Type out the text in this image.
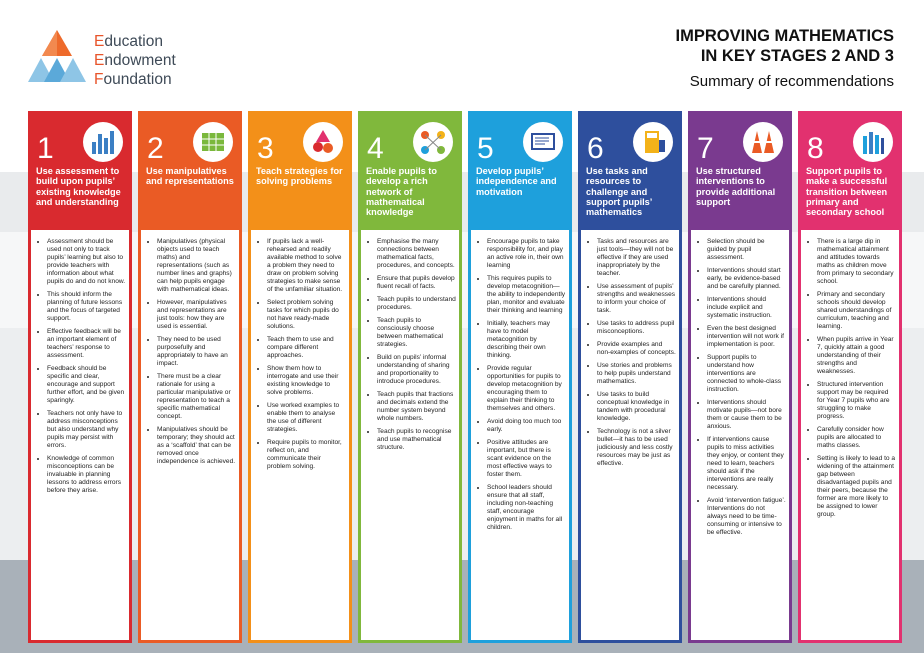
Education
Endowment
Foundation
IMPROVING MATHEMATICS
IN KEY STAGES 2 AND 3
Summary of recommendations
1
Use assessment to build upon pupils’ existing knowledge and understanding
• Assessment should be used not only to track pupils’ learning but also to provide teachers with information about what pupils do and do not know.
• This should inform the planning of future lessons and the focus of targeted support.
• Effective feedback will be an important element of teachers’ response to assessment.
• Feedback should be specific and clear, encourage and support further effort, and be given sparingly.
• Teachers not only have to address misconceptions but also understand why pupils may persist with errors.
• Knowledge of common misconceptions can be invaluable in planning lessons to address errors before they arise.
2
Use manipulatives and representations
• Manipulatives (physical objects used to teach maths) and representations (such as number lines and graphs) can help pupils engage with mathematical ideas.
• However, manipulatives and representations are just tools: how they are used is essential.
• They need to be used purposefully and appropriately to have an impact.
• There must be a clear rationale for using a particular manipulative or representation to teach a specific mathematical concept.
• Manipulatives should be temporary; they should act as a ‘scaffold’ that can be removed once independence is achieved.
3
Teach strategies for solving problems
• If pupils lack a well-rehearsed and readily available method to solve a problem they need to draw on problem solving strategies to make sense of the unfamiliar situation.
• Select problem solving tasks for which pupils do not have ready-made solutions.
• Teach them to use and compare different approaches.
• Show them how to interrogate and use their existing knowledge to solve problems.
• Use worked examples to enable them to analyse the use of different strategies.
• Require pupils to monitor, reflect on, and communicate their problem solving.
4
Enable pupils to develop a rich network of mathematical knowledge
• Emphasise the many connections between mathematical facts, procedures, and concepts.
• Ensure that pupils develop fluent recall of facts.
• Teach pupils to understand procedures.
• Teach pupils to consciously choose between mathematical strategies.
• Build on pupils’ informal understanding of sharing and proportionality to introduce procedures.
• Teach pupils that fractions and decimals extend the number system beyond whole numbers.
• Teach pupils to recognise and use mathematical structure.
5
Develop pupils’ independence and motivation
• Encourage pupils to take responsibility for, and play an active role in, their own learning
• This requires pupils to develop metacognition—the ability to independently plan, monitor and evaluate their thinking and learning
• Initially, teachers may have to model metacognition by describing their own thinking.
• Provide regular opportunities for pupils to develop metacognition by encouraging them to explain their thinking to themselves and others.
• Avoid doing too much too early.
• Positive attitudes are important, but there is scant evidence on the most effective ways to foster them.
• School leaders should ensure that all staff, including non-teaching staff, encourage enjoyment in maths for all children.
6
Use tasks and resources to challenge and support pupils’ mathematics
• Tasks and resources are just tools—they will not be effective if they are used inappropriately by the teacher.
• Use assessment of pupils’ strengths and weaknesses to inform your choice of task.
• Use tasks to address pupil misconceptions.
• Provide examples and non-examples of concepts.
• Use stories and problems to help pupils understand mathematics.
• Use tasks to build conceptual knowledge in tandem with procedural knowledge.
• Technology is not a silver bullet—it has to be used judiciously and less costly resources may be just as effective.
7
Use structured interventions to provide additional support
• Selection should be guided by pupil assessment.
• Interventions should start early, be evidence-based and be carefully planned.
• Interventions should include explicit and systematic instruction.
• Even the best designed intervention will not work if implementation is poor.
• Support pupils to understand how interventions are connected to whole-class instruction.
• Interventions should motivate pupils—not bore them or cause them to be anxious.
• If interventions cause pupils to miss activities they enjoy, or content they need to learn, teachers should ask if the interventions are really necessary.
• Avoid ‘intervention fatigue’. Interventions do not always need to be time-consuming or intensive to be effective.
8
Support pupils to make a successful transition between primary and secondary school
• There is a large dip in mathematical attainment and attitudes towards maths as children move from primary to secondary school.
• Primary and secondary schools should develop shared understandings of curriculum, teaching and learning.
• When pupils arrive in Year 7, quickly attain a good understanding of their strengths and weaknesses.
• Structured intervention support may be required for Year 7 pupils who are struggling to make progress.
• Carefully consider how pupils are allocated to maths classes.
• Setting is likely to lead to a widening of the attainment gap between disadvantaged pupils and their peers, because the former are more likely to be assigned to lower group.
